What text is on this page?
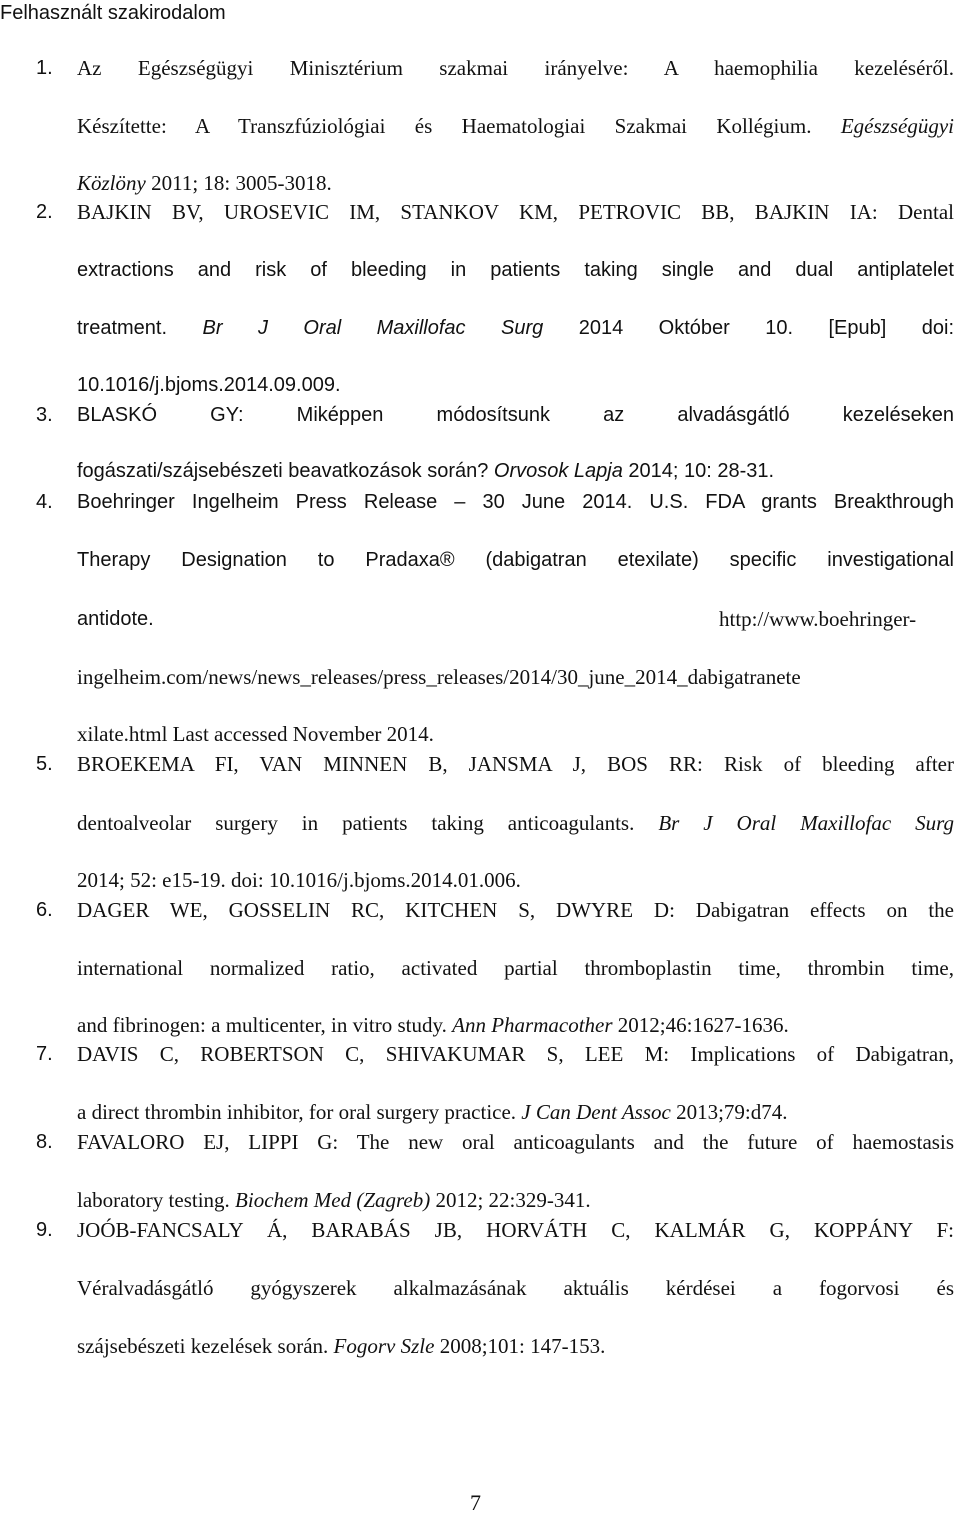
Felhasznált szakirodalom
1.	Az Egészségügyi Minisztérium szakmai irányelve: A haemophilia kezeléséről.
Készítette: A Transzfúziológiai és Haematologiai Szakmai Kollégium. Egészségügyi
Közlöny 2011; 18: 3005-3018.
2.	BAJKIN BV, UROSEVIC IM, STANKOV KM, PETROVIC BB, BAJKIN IA: Dental
extractions and risk of bleeding in patients taking single and dual antiplatelet
treatment. Br J Oral Maxillofac Surg 2014 Október 10. [Epub] doi:
10.1016/j.bjoms.2014.09.009.
3.	BLASKÓ GY: Miképpen módosítsunk az alvadásgátló kezeléseken
fogászati/szájsebészeti beavatkozások során? Orvosok Lapja 2014; 10: 28-31.
4.	Boehringer Ingelheim Press Release – 30 June 2014. U.S. FDA grants Breakthrough
Therapy Designation to Pradaxa® (dabigatran etexilate) specific investigational
antidote.	http://www.boehringer-
ingelheim.com/news/news_releases/press_releases/2014/30_june_2014_dabigatranete
xilate.html Last accessed November 2014.
5.	BROEKEMA FI, VAN MINNEN B, JANSMA J, BOS RR: Risk of bleeding after
dentoalveolar surgery in patients taking anticoagulants. Br J Oral Maxillofac Surg
2014; 52: e15-19. doi: 10.1016/j.bjoms.2014.01.006.
6.	DAGER WE, GOSSELIN RC, KITCHEN S, DWYRE D: Dabigatran effects on the
international normalized ratio, activated partial thromboplastin time, thrombin time,
and fibrinogen: a multicenter, in vitro study. Ann Pharmacother 2012;46:1627-1636.
7.	DAVIS C, ROBERTSON C, SHIVAKUMAR S, LEE M: Implications of Dabigatran,
a direct thrombin inhibitor, for oral surgery practice. J Can Dent Assoc 2013;79:d74.
8.	FAVALORO EJ, LIPPI G: The new oral anticoagulants and the future of haemostasis
laboratory testing. Biochem Med (Zagreb) 2012; 22:329-341.
9.	JOÓB-FANCSALY Á, BARABÁS JB, HORVÁTH C, KALMÁR G, KOPPÁNY F:
Véralvadásgátló gyógyszerek alkalmazásának aktuális kérdései a fogorvosi és
szájsebészeti kezelések során. Fogorv Szle 2008;101: 147-153.
7
